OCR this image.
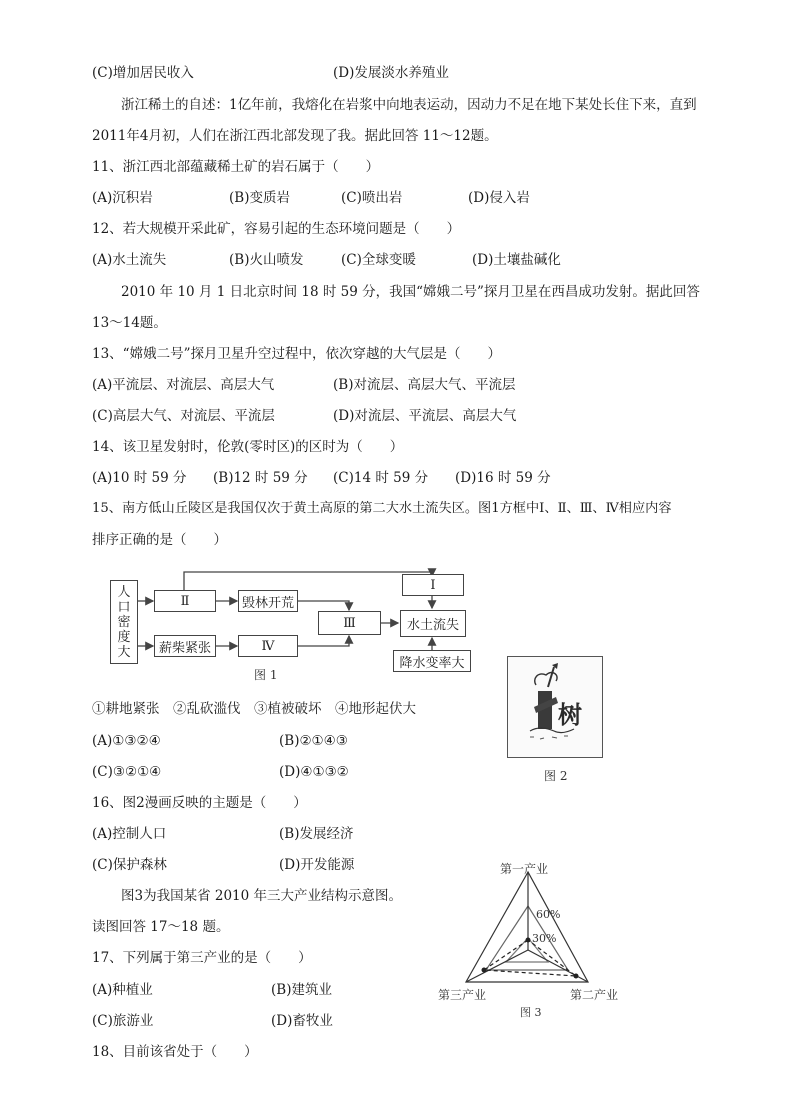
(C)增加居民收入	(D)发展淡水养殖业
浙江稀土的自述：1亿年前，我熔化在岩浆中向地表运动，因动力不足在地下某处长住下来，直到
2011年4月初，人们在浙江西北部发现了我。据此回答 11～12题。
11、浙江西北部蕴藏稀土矿的岩石属于（　　）
(A)沉积岩	(B)变质岩	(C)喷出岩	(D)侵入岩
12、若大规模开采此矿，容易引起的生态环境问题是（　　）
(A)水土流失	(B)火山喷发	(C)全球变暖	(D)土壤盐碱化
2010 年 10 月 1 日北京时间 18 时 59 分，我国“嫦娥二号”探月卫星在西昌成功发射。据此回答
13～14题。
13、“嫦娥二号”探月卫星升空过程中，依次穿越的大气层是（　　）
(A)平流层、对流层、高层大气	(B)对流层、高层大气、平流层
(C)高层大气、对流层、平流层	(D)对流层、平流层、高层大气
14、该卫星发射时，伦敦(零时区)的区时为（　　）
(A)10 时 59 分 (B)12 时 59 分 (C)14 时 59 分 (D)16 时 59 分
15、南方低山丘陵区是我国仅次于黄土高原的第二大水土流失区。图1方框中Ⅰ、Ⅱ、Ⅲ、Ⅳ相应内容
排序正确的是（　　）
人
口
密
度
大
Ⅱ	毁林开荒
薪柴紧张	Ⅳ
Ⅲ
Ⅰ
水土流失
降水变率大
图 1
①耕地紧张　②乱砍滥伐　③植被破坏　④地形起伏大
(A)①③②④	(B)②①④③
(C)③②①④	(D)④①③②
树
图 2
16、图2漫画反映的主题是（　　）
(A)控制人口	(B)发展经济
(C)保护森林	(D)开发能源
图3为我国某省 2010 年三大产业结构示意图。
读图回答 17～18 题。
17、下列属于第三产业的是（　　）
(A)种植业	(B)建筑业
(C)旅游业	(D)畜牧业
18、目前该省处于（　　）
第一产业
60%
30%
第三产业	第二产业
图 3
